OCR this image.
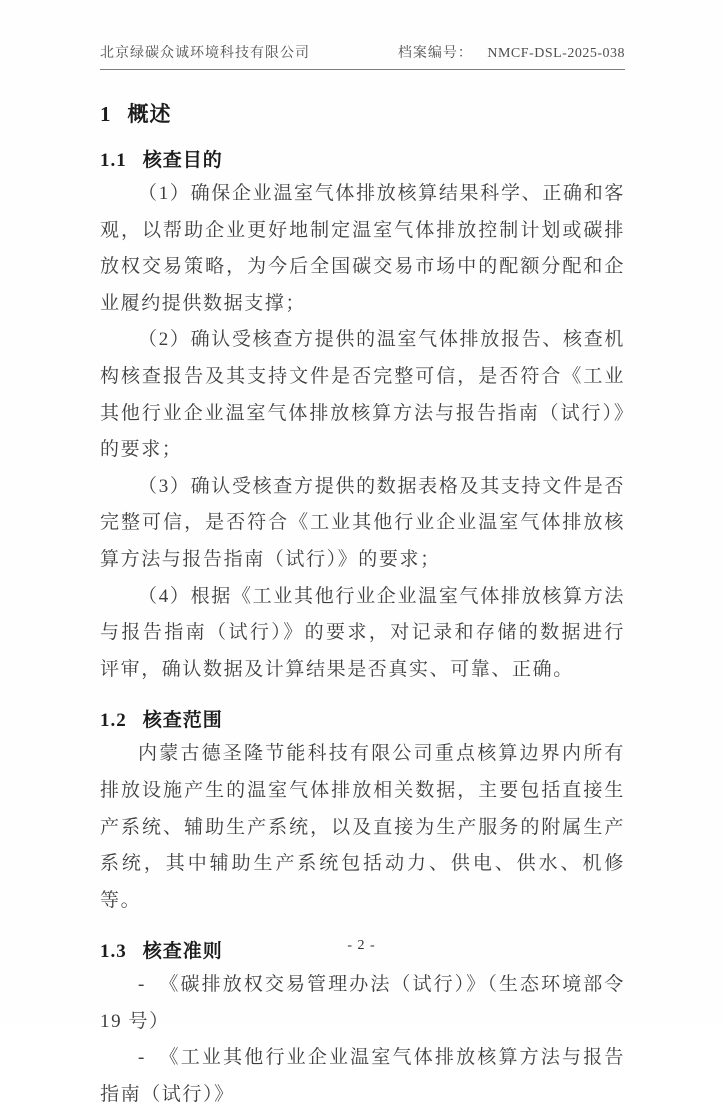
北京绿碳众诚环境科技有限公司	档案编号： NMCF-DSL-2025-038

1 概述

1.1 核查目的

（1）确保企业温室气体排放核算结果科学、正确和客观，以帮助企业更好地制定温室气体排放控制计划或碳排放权交易策略，为今后全国碳交易市场中的配额分配和企业履约提供数据支撑；

（2）确认受核查方提供的温室气体排放报告、核查机构核查报告及其支持文件是否完整可信，是否符合《工业其他行业企业温室气体排放核算方法与报告指南（试行）》的要求；

（3）确认受核查方提供的数据表格及其支持文件是否完整可信，是否符合《工业其他行业企业温室气体排放核算方法与报告指南（试行）》的要求；

（4）根据《工业其他行业企业温室气体排放核算方法与报告指南（试行）》的要求，对记录和存储的数据进行评审，确认数据及计算结果是否真实、可靠、正确。

1.2 核查范围

内蒙古德圣隆节能科技有限公司重点核算边界内所有排放设施产生的温室气体排放相关数据，主要包括直接生产系统、辅助生产系统，以及直接为生产服务的附属生产系统，其中辅助生产系统包括动力、供电、供水、机修等。

1.3 核查准则

- 《碳排放权交易管理办法（试行）》（生态环境部令 19 号）

- 《工业其他行业企业温室气体排放核算方法与报告指南（试行）》

- 2 -
